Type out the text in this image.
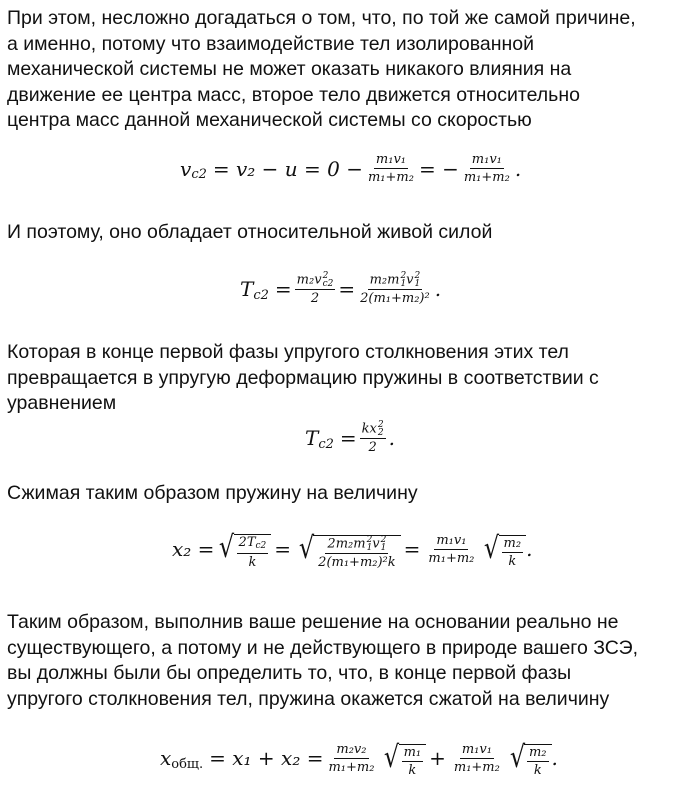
При этом, несложно догадаться о том, что, по той же самой причине,
а именно, потому что взаимодействие тел изолированной
механической системы не может оказать никакого влияния на
движение ее центра масс, второе тело движется относительно
центра масс данной механической системы со скоростью
$v_{c2} = v_2 - u = 0 - \frac{\text{m₁v₁}}{\text{m₁+m₂}}$ = − $\frac{\text{m₁v₁}}{\text{m₁+m₂}}$ .
И поэтому, оно обладает относительной живой силой
$T_{c2} = m_2v$ 2
c2
2 = m₂m 2
1 v 2
1
2(m₁+m₂)² .
Которая в конце первой фазы упругого столкновения этих тел
превращается в упругую деформацию пружины в соответствии с
уравнением
$T_{c2}$ = kx 2
2
2 .
Сжимая таким образом пружину на величину
x₂ = √ $\frac{2Tc2}{k}$ = √ 2m₂m 2
1 v 2
1
$2(m_1+m_2)^2k = \frac{\text{m₁v₁}}{\text{m₁+m₂}}$ √ $\frac{\text{m₂}}{k}$ .
Таким образом, выполнив ваше решение на основании реально не
существующего, а потому и не действующего в природе вашего ЗСЭ,
вы должны были бы определить то, что, в конце первой фазы
упругого столкновения тел, пружина окажется сжатой на величину
x общ. = $x_1 + x_2 = \frac{\text{m₂v₂}}{\text{m₁+m₂}}$ √ $\frac{\text{m₁}}{k} + \frac{\text{m₁v₁}}{\text{m₁+m₂}}$ √ $\frac{\text{m₂}}{k}$ .
